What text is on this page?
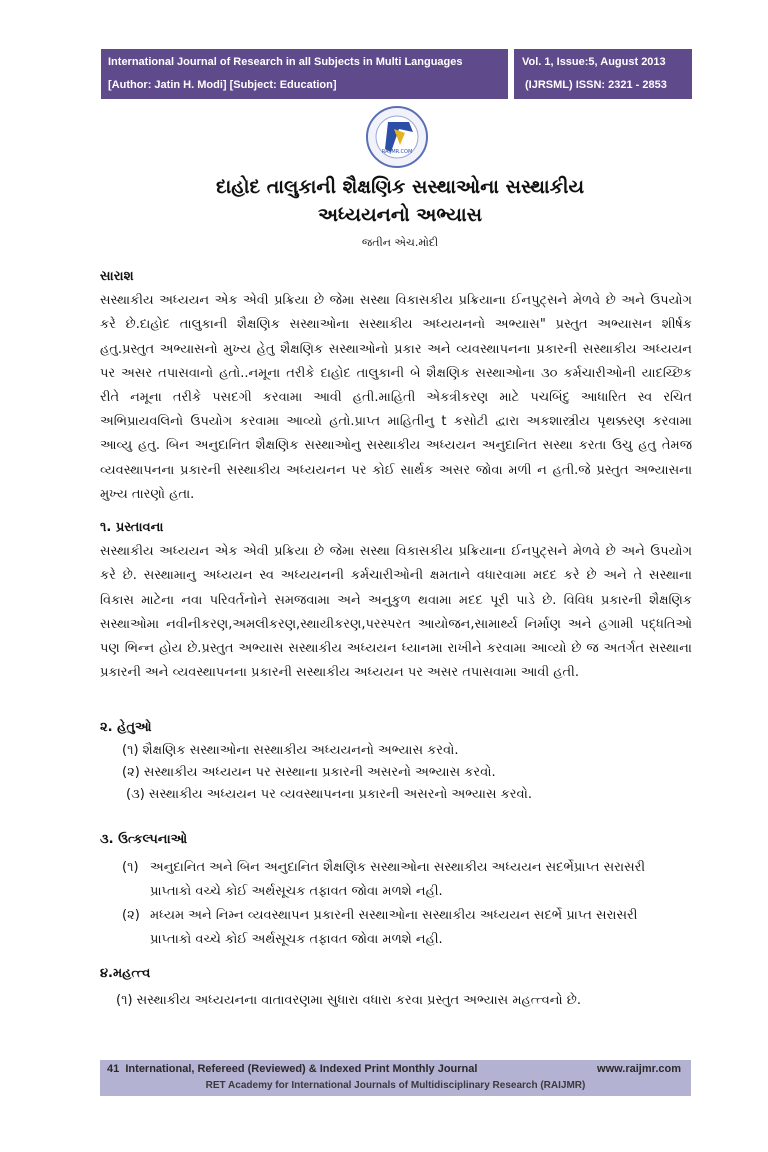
International Journal of Research in all Subjects in Multi Languages
[Author: Jatin H. Modi] [Subject: Education]
Vol. 1, Issue:5, August 2013
(IJRSML) ISSN: 2321 - 2853
RAIJMR.COM
દાહોદ તાલુકાની શૈક્ષણિક સસ્થાઓના સસ્થાકીય
અધ્યયનનો અભ્યાસ
જતીન એચ.મોદી
સારાશ
સસ્થાકીય અધ્યયન એક એવી પ્રક્રિયા છે જેમા સસ્થા વિકાસકીય પ્રક્રિયાના ઈનપુટ્સને મેળવે છે અને ઉપયોગ કરે છે.દાહોદ તાલુકાની શૈક્ષણિક સસ્થાઓના સસ્થાકીય અધ્યયનનો અભ્યાસ" પ્રસ્તુત અભ્યાસન શીર્ષક હતુ.પ્રસ્તુત અભ્યાસનો મુખ્ય હેતુ શૈક્ષણિક સસ્થાઓનો પ્રકાર અને વ્યવસ્થાપનના પ્રકારની સસ્થાકીય અધ્યયન પર અસર તપાસવાનો હતો..નમૂના તરીકે દાહોદ તાલુકાની બે શૈક્ષણિક સસ્થાઓના ૩૦ કર્મચારીઓની યાદચ્છિક રીતે નમૂના તરીકે પસદગી કરવામા આવી હતી.માહિતી એકત્રીકરણ માટે પચબિંદુ આધારિત સ્વ રચિત અભિપ્રાયવલિનો ઉપયોગ કરવામા આવ્યો હતો.પ્રાપ્ત માહિતીનુ t કસોટી દ્વારા અકશાસ્ત્રીય પૃથક્કરણ કરવામા આવ્યુ હતુ. બિન અનુદાનિત શૈક્ષણિક સસ્થાઓનુ સસ્થાકીય અધ્યયન અનુદાનિત સસ્થા કરતા ઉચુ હતુ તેમજ વ્યવસ્થાપનના પ્રકારની સસ્થાકીય અધ્યયનન પર કોઈ સાર્થક અસર જોવા મળી ન હતી.જે પ્રસ્તુત અભ્યાસના મુખ્ય તારણો હતા.
૧. પ્રસ્તાવના
સસ્થાકીય અધ્યયન એક એવી પ્રક્રિયા છે જેમા સસ્થા વિકાસકીય પ્રક્રિયાના ઈનપુટ્સને મેળવે છે અને ઉપયોગ કરે છે. સસ્થામાનુ અધ્યયન સ્વ અધ્યયનની કર્મચારીઓની ક્ષમતાને વધારવામા મદદ કરે છે અને તે સસ્થાના વિકાસ માટેના નવા પરિવર્તનોને સમજવામા અને અનુકુળ થવામા મદદ પૂરી પાડે છે. વિવિધ પ્રકારની શૈક્ષણિક સસ્થાઓમા નવીનીકરણ,અમલીકરણ,સ્થાયીકરણ,પરસ્પરત આયોજન,સામાર્થ્ય નિર્માણ અને હગામી પદ્ધતિઓ પણ ભિન્ન હોય છે.પ્રસ્તુત અભ્યાસ સસ્થાકીય અધ્યયન ધ્યાનમા રાખીને કરવામા આવ્યો છે જ અતર્ગત સસ્થાના પ્રકારની અને વ્યવસ્થાપનના પ્રકારની સસ્થાકીય અધ્યયન પર અસર તપાસવામા આવી હતી.
૨. હેતુઓ
(૧) શૈક્ષણિક સસ્થાઓના સસ્થાકીય અધ્યયનનો અભ્યાસ કરવો.
(૨) સસ્થાકીય અધ્યયન પર સસ્થાના પ્રકારની અસરનો અભ્યાસ કરવો.
(૩) સસ્થાકીય અધ્યયન પર વ્યવસ્થાપનના પ્રકારની અસરનો અભ્યાસ કરવો.
૩. ઉત્કલ્પનાઓ
(૧) અનુદાનિત અને બિન અનુદાનિત શૈક્ષણિક સસ્થાઓના સસ્થાકીય અધ્યયન સદર્ભેપ્રાપ્ત સરાસરી
પ્રાપ્તાકો વચ્ચે કોઈ અર્થસૂચક તફાવત જોવા મળશે નહી.
(૨) મધ્યમ અને નિમ્ન વ્યવસ્થાપન પ્રકારની સસ્થાઓના સસ્થાકીય અધ્યયન સદર્ભે પ્રાપ્ત સરાસરી
પ્રાપ્તાકો વચ્ચે કોઈ અર્થસૂચક તફાવત જોવા મળશે નહી.
૪.મહત્ત્વ
(૧) સસ્થાકીય અધ્યયનના વાતાવરણમા સુધારા વધારા કરવા પ્રસ્તુત અભ્યાસ મહત્ત્વનો છે.
41 International, Refereed (Reviewed) & Indexed Print Monthly Journal	www.raijmr.com
RET Academy for International Journals of Multidisciplinary Research (RAIJMR)
